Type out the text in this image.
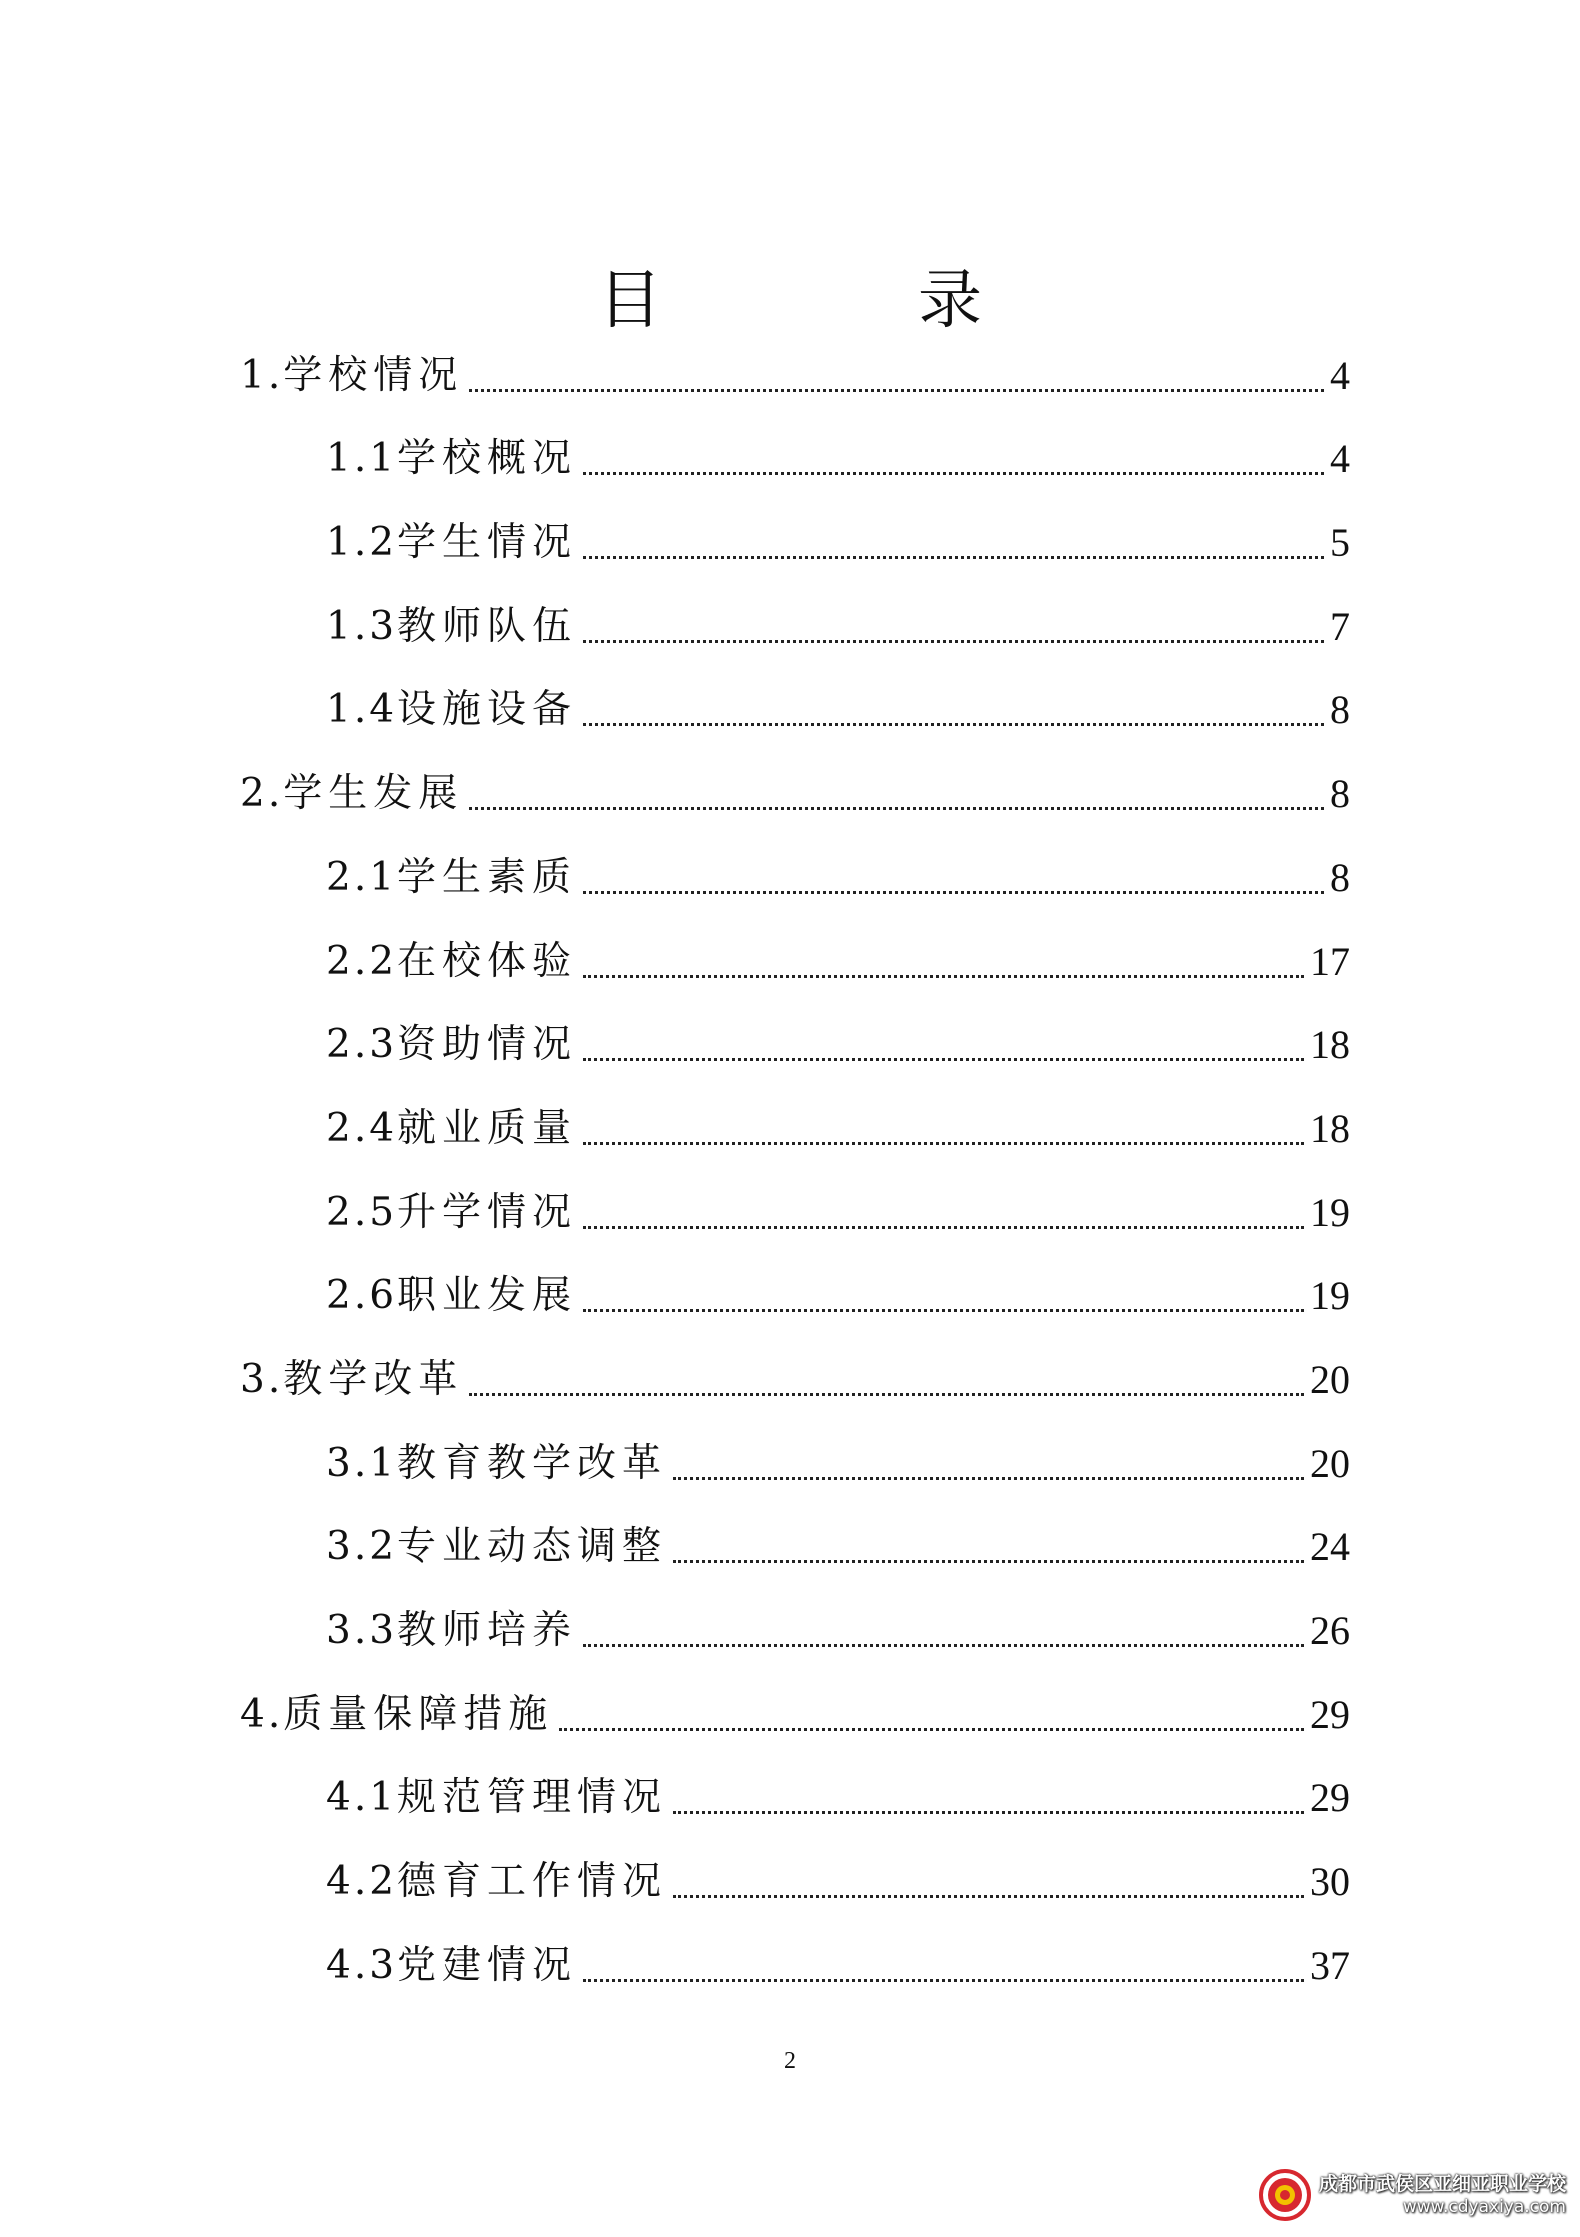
目　录
1. 学校情况	4
1.1 学校概况	4
1.2 学生情况	5
1.3 教师队伍	7
1.4 设施设备	8
2. 学生发展	8
2.1 学生素质	8
2.2 在校体验	17
2.3 资助情况	18
2.4 就业质量	18
2.5 升学情况	19
2.6 职业发展	19
3. 教学改革	20
3.1 教育教学改革	20
3.2 专业动态调整	24
3.3 教师培养	26
4. 质量保障措施	29
4.1 规范管理情况	29
4.2 德育工作情况	30
4.3 党建情况	37
2
成都市武侯区亚细亚职业学校
www.cdyaxiya.com
